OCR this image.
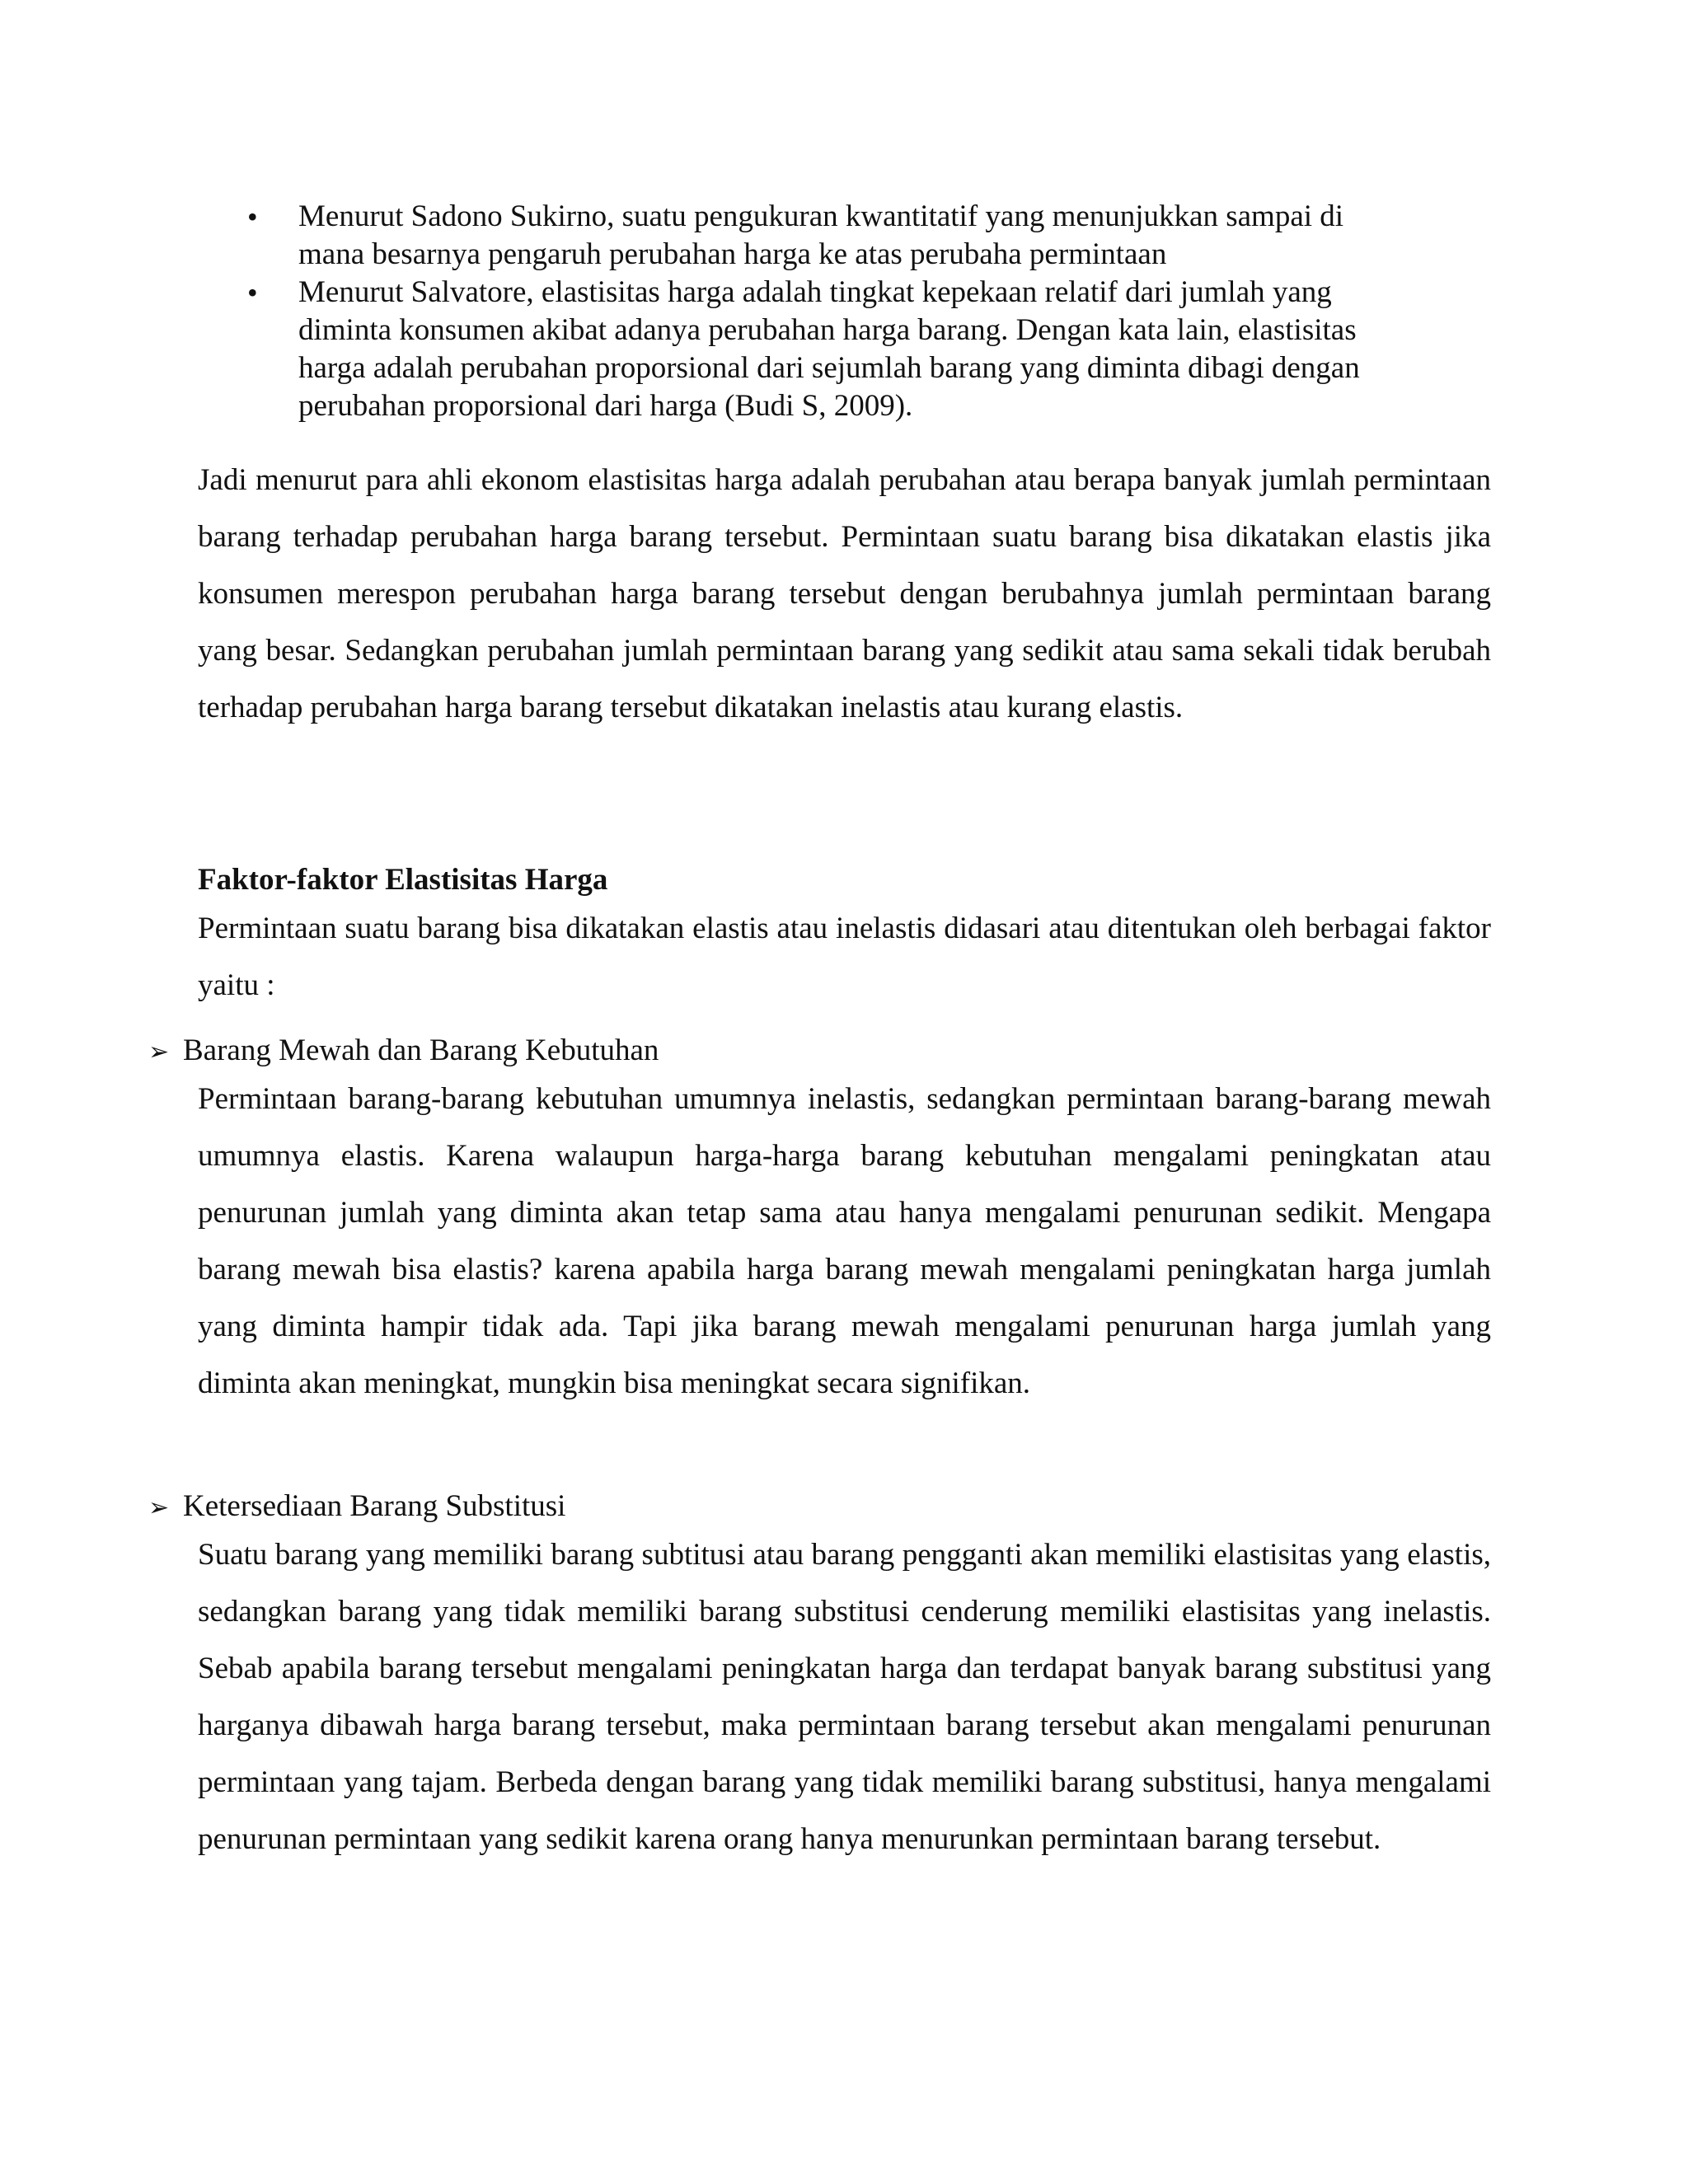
• Menurut Sadono Sukirno, suatu pengukuran kwantitatif yang menunjukkan sampai di
mana besarnya pengaruh perubahan harga ke atas perubaha permintaan
• Menurut Salvatore, elastisitas harga adalah tingkat kepekaan relatif dari jumlah yang
diminta konsumen akibat adanya perubahan harga barang. Dengan kata lain, elastisitas
harga adalah perubahan proporsional dari sejumlah barang yang diminta dibagi dengan
perubahan proporsional dari harga (Budi S, 2009).

Jadi menurut para ahli ekonom elastisitas harga adalah perubahan atau berapa banyak jumlah permintaan barang terhadap perubahan harga barang tersebut. Permintaan suatu barang bisa dikatakan elastis jika konsumen merespon perubahan harga barang tersebut dengan berubahnya jumlah permintaan barang yang besar. Sedangkan perubahan jumlah permintaan barang yang sedikit atau sama sekali tidak berubah terhadap perubahan harga barang tersebut dikatakan inelastis atau kurang elastis.

Faktor-faktor Elastisitas Harga

Permintaan suatu barang bisa dikatakan elastis atau inelastis didasari atau ditentukan oleh berbagai faktor yaitu :

➢ Barang Mewah dan Barang Kebutuhan

Permintaan barang-barang kebutuhan umumnya inelastis, sedangkan permintaan barang-barang mewah umumnya elastis. Karena walaupun harga-harga barang kebutuhan mengalami peningkatan atau penurunan jumlah yang diminta akan tetap sama atau hanya mengalami penurunan sedikit. Mengapa barang mewah bisa elastis? karena apabila harga barang mewah mengalami peningkatan harga jumlah yang diminta hampir tidak ada. Tapi jika barang mewah mengalami penurunan harga jumlah yang diminta akan meningkat, mungkin bisa meningkat secara signifikan.

➢ Ketersediaan Barang Substitusi

Suatu barang yang memiliki barang subtitusi atau barang pengganti akan memiliki elastisitas yang elastis, sedangkan barang yang tidak memiliki barang substitusi cenderung memiliki elastisitas yang inelastis. Sebab apabila barang tersebut mengalami peningkatan harga dan terdapat banyak barang substitusi yang harganya dibawah harga barang tersebut, maka permintaan barang tersebut akan mengalami penurunan permintaan yang tajam. Berbeda dengan barang yang tidak memiliki barang substitusi, hanya mengalami penurunan permintaan yang sedikit karena orang hanya menurunkan permintaan barang tersebut.
